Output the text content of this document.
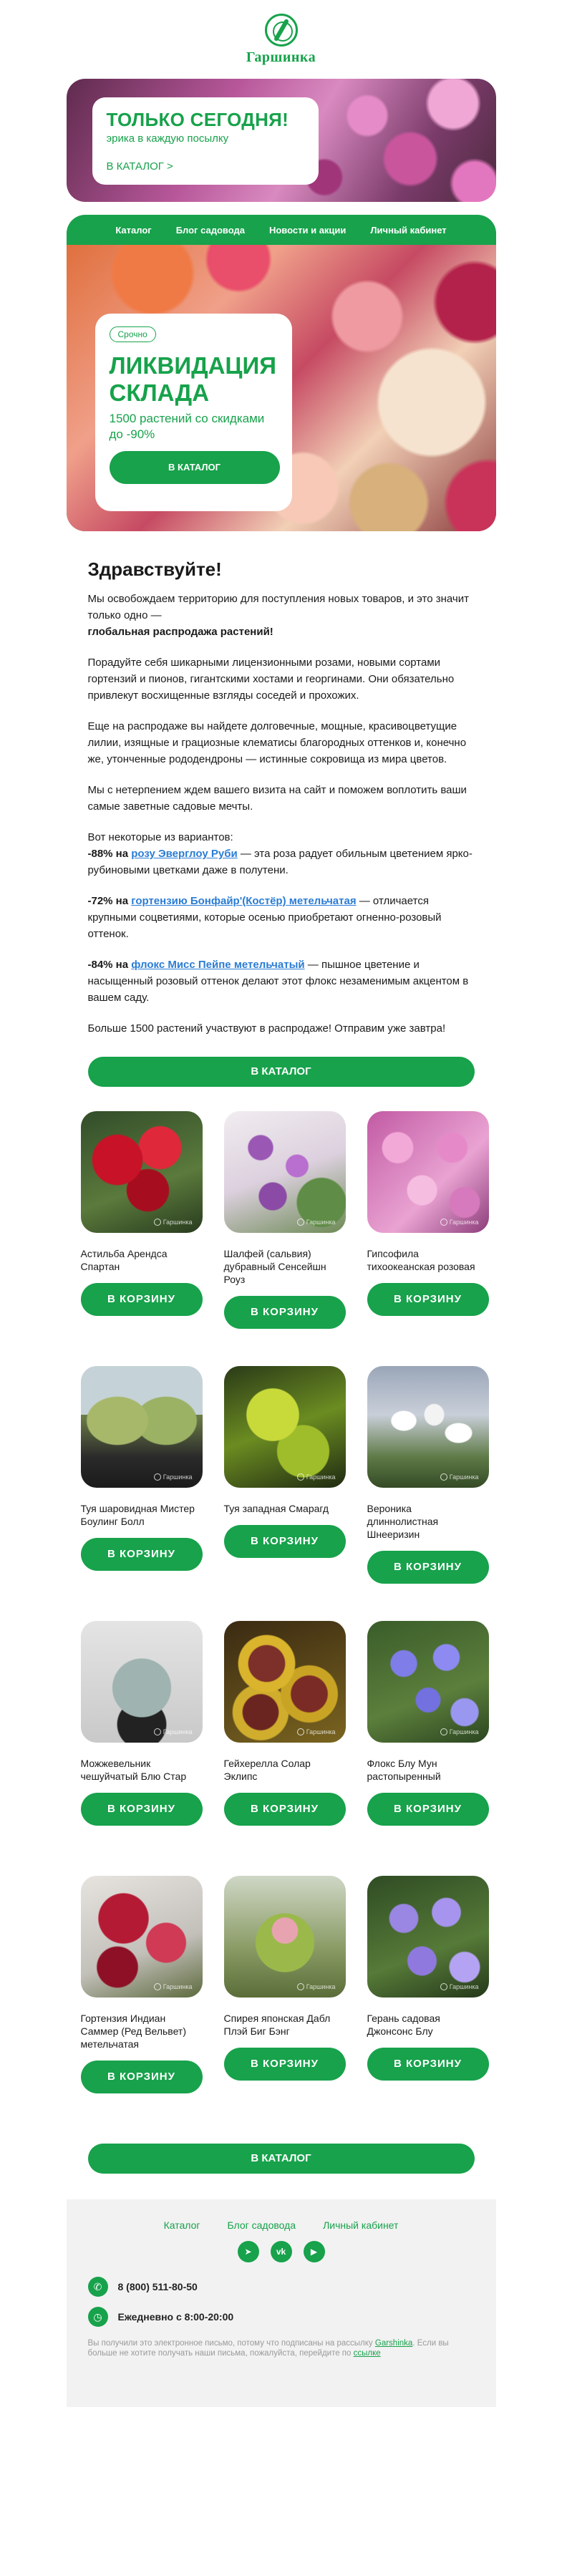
Гаршинка
ТОЛЬКО СЕГОДНЯ!
эрика в каждую посылку
В КАТАЛОГ >
Каталог	Блог садовода	Новости и акции	Личный кабинет
Срочно
ЛИКВИДАЦИЯ СКЛАДА
1500 растений со скидками до -90%
В КАТАЛОГ
Здравствуйте!

Мы освобождаем территорию для поступления новых товаров, и это значит только одно —
глобальная распродажа растений!

Порадуйте себя шикарными лицензионными розами, новыми сортами гортензий и пионов, гигантскими хостами и георгинами. Они обязательно привлекут восхищенные взгляды соседей и прохожих.

Еще на распродаже вы найдете долговечные, мощные, красивоцветущие лилии, изящные и грациозные клематисы благородных оттенков и, конечно же, утонченные рододендроны — истинные сокровища из мира цветов.

Мы с нетерпением ждем вашего визита на сайт и поможем воплотить ваши самые заветные садовые мечты.

Вот некоторые из вариантов:
-88% на розу Эверглоу Руби — эта роза радует обильным цветением ярко-рубиновыми цветками даже в полутени.

-72% на гортензию Бонфайр'(Костёр) метельчатая — отличается крупными соцветиями, которые осенью приобретают огненно-розовый оттенок.

-84% на флокс Мисс Пейпе метельчатый — пышное цветение и насыщенный розовый оттенок делают этот флокс незаменимым акцентом в вашем саду.

Больше 1500 растений участвуют в распродаже! Отправим уже завтра!

В КАТАЛОГ
Гаршинка
Астильба Арендса Спартан
В КОРЗИНУ
Гаршинка
Шалфей (сальвия) дубравный Сенсейшн Роуз
В КОРЗИНУ
Гаршинка
Гипсофила тихоокеанская розовая
В КОРЗИНУ
Гаршинка
Туя шаровидная Мистер Боулинг Болл
В КОРЗИНУ
Гаршинка
Туя западная Смарагд
В КОРЗИНУ
Гаршинка
Вероника длиннолистная Шнееризин
В КОРЗИНУ
Гаршинка
Можжевельник чешуйчатый Блю Стар
В КОРЗИНУ
Гаршинка
Гейхерелла Солар Эклипс
В КОРЗИНУ
Гаршинка
Флокс Блу Мун растопыренный
В КОРЗИНУ
Гаршинка
Гортензия Индиан Саммер (Ред Вельвет) метельчатая
В КОРЗИНУ
Гаршинка
Спирея японская Дабл Плэй Биг Бэнг
В КОРЗИНУ
Гаршинка
Герань садовая Джонсонс Блу
В КОРЗИНУ
В КАТАЛОГ
Каталог	Блог садовода	Личный кабинет
➤	vk	▶
✆	8 (800) 511-80-50
◷	Ежедневно с 8:00-20:00
Вы получили это электронное письмо, потому что подписаны на рассылку Garshinka. Если вы больше не хотите получать наши письма, пожалуйста, перейдите по ссылке
